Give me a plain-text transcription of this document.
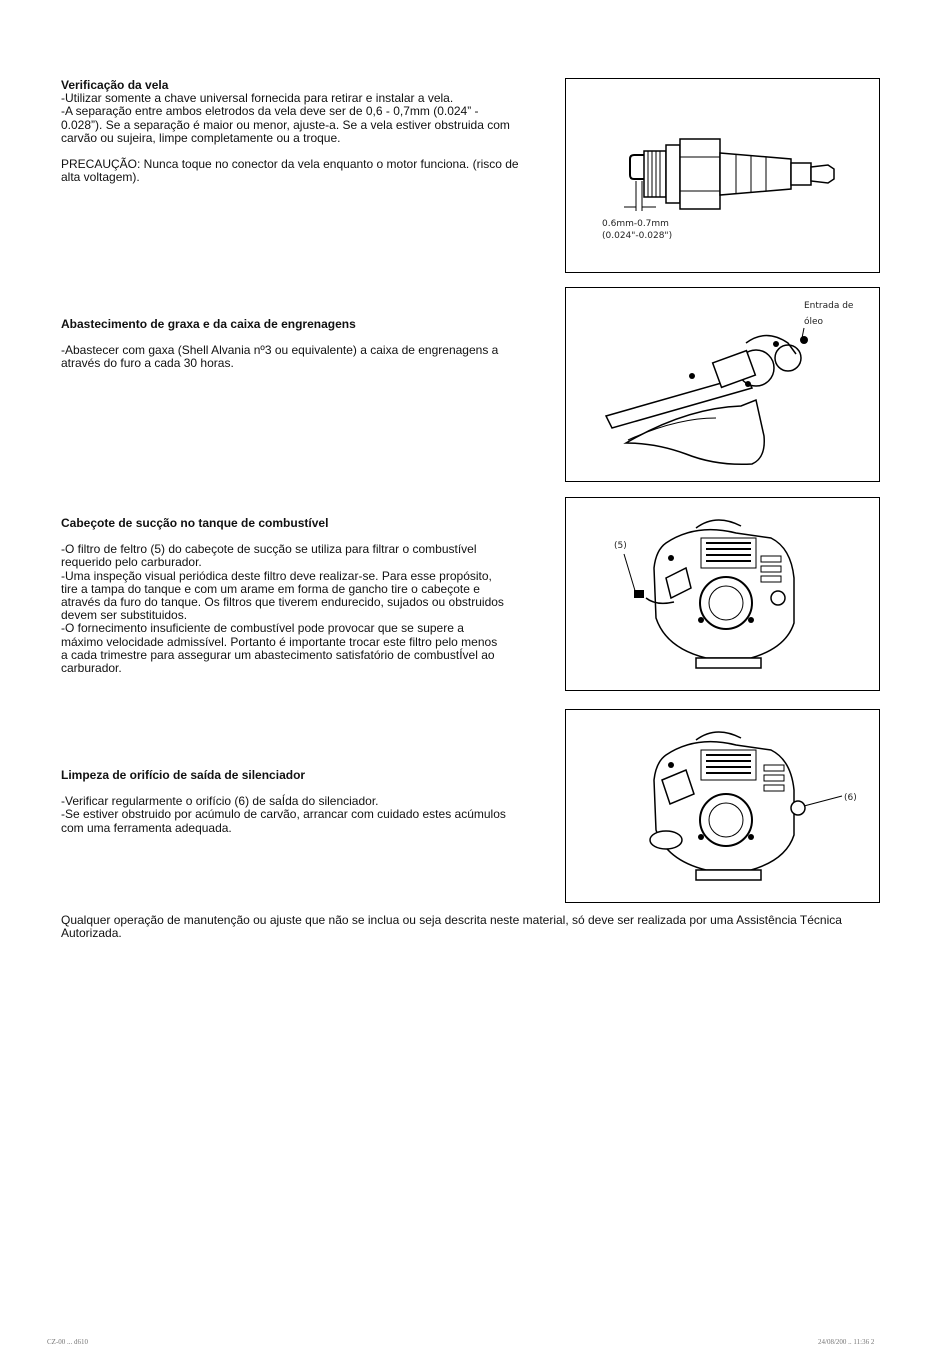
Verificação da vela

-Utilizar somente a chave universal fornecida para retirar e instalar a vela.
-A separação entre ambos eletrodos da vela deve ser de 0,6 - 0,7mm (0.024” - 0.028”). Se a separação é maior ou menor, ajuste-a. Se a vela estiver obstruida com carvão ou sujeira, limpe completamente ou a troque.

PRECAUÇÃO: Nunca toque no conector da vela enquanto o motor funciona. (risco de alta voltagem).

0.6mm-0.7mm
(0.024"-0.028")
Abastecimento de graxa e da caixa de engrenagens

-Abastecer com gaxa (Shell Alvania nº3 ou equivalente) a caixa de engrenagens a através do furo a cada 30 horas.

Entrada de
óleo
Cabeçote de sucção no tanque de combustível

-O filtro de feltro (5) do cabeçote de sucção se utiliza para filtrar o combustível requerido pelo carburador.
-Uma inspeção visual periódica deste filtro deve realizar-se. Para esse propósito, tire a tampa do tanque e com um arame em forma de gancho tire o cabeçote e através da furo do tanque. Os filtros que tiverem endurecido, sujados ou obstruidos devem ser substituidos.
-O fornecimento insuficiente de combustível pode provocar que se supere a máximo velocidade admissível. Portanto é importante trocar este filtro pelo menos a cada trimestre para assegurar um abastecimento satisfatório de combustÍvel ao carburador.

(5)
Limpeza de orifício de saída de silenciador

-Verificar regularmente o orifício (6) de saÍda do silenciador.
-Se estiver obstruido por acúmulo de carvão, arrancar com cuidado estes acúmulos com uma ferramenta adequada.

(6)
Qualquer operação de manutenção ou ajuste que não se inclua ou seja descrita neste material, só deve ser realizada por uma Assistência Técnica Autorizada.
CZ-00 ... d610	24/08/200 .. 11:36 2
